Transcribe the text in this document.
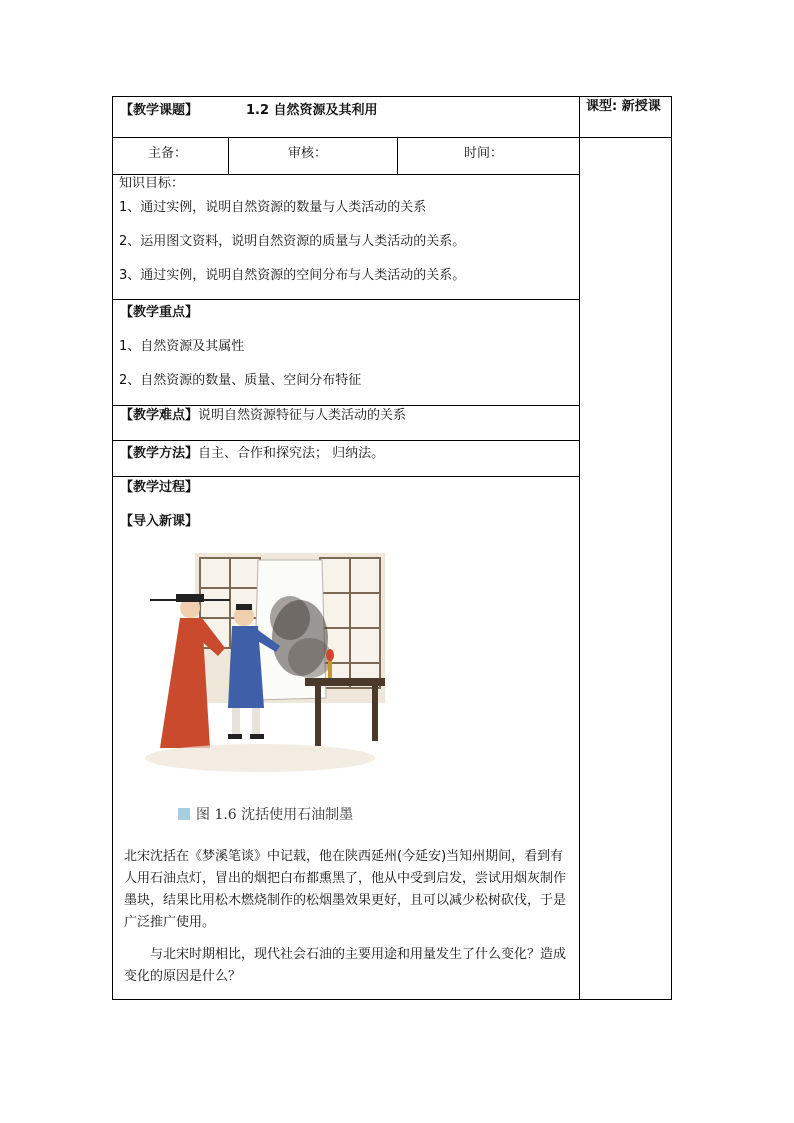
【教学课题】	1.2 自然资源及其利用	课型: 新授课
主备：	审核：	时间：
知识目标：
1、通过实例，说明自然资源的数量与人类活动的关系
2、运用图文资料，说明自然资源的质量与人类活动的关系。
3、通过实例，说明自然资源的空间分布与人类活动的关系。
【教学重点】
1、自然资源及其属性
2、自然资源的数量、质量、空间分布特征
【教学难点】说明自然资源特征与人类活动的关系
【教学方法】自主、合作和探究法； 归纳法。
【教学过程】
【导入新课】
图 1.6 沈括使用石油制墨
北宋沈括在《梦溪笔谈》中记载，他在陕西延州(今延安)当知州期间，看到有人用石油点灯，冒出的烟把白布都熏黑了，他从中受到启发，尝试用烟灰制作墨块，结果比用松木燃烧制作的松烟墨效果更好，且可以减少松树砍伐，于是广泛推广使用。
与北宋时期相比，现代社会石油的主要用途和用量发生了什么变化？造成变化的原因是什么？
